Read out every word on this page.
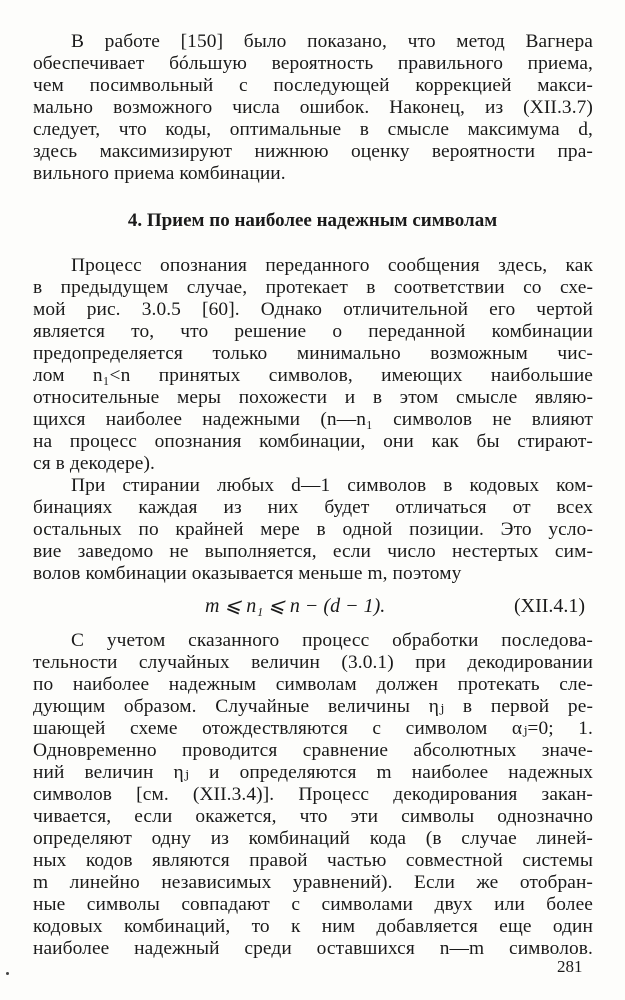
В работе [150] было показано, что метод Вагнера
обеспечивает бóльшую вероятность правильного приема,
чем посимвольный с последующей коррекцией макси-
мально возможного числа ошибок. Наконец, из (XII.3.7)
следует, что коды, оптимальные в смысле максимума d,
здесь максимизируют нижнюю оценку вероятности пра-
вильного приема комбинации.
4. Прием по наиболее надежным символам
Процесс опознания переданного сообщения здесь, как
в предыдущем случае, протекает в соответствии со схе-
мой рис. 3.0.5 [60]. Однако отличительной его чертой
является то, что решение о переданной комбинации
предопределяется только минимально возможным чис-
лом n₁<n принятых символов, имеющих наибольшие
относительные меры похожести и в этом смысле являю-
щихся наиболее надежными (n—n₁ символов не влияют
на процесс опознания комбинации, они как бы стирают-
ся в декодере).
При стирании любых d—1 символов в кодовых ком-
бинациях каждая из них будет отличаться от всех
остальных по крайней мере в одной позиции. Это усло-
вие заведомо не выполняется, если число нестертых сим-
волов комбинации оказывается меньше m, поэтому
m ⩽ n₁ ⩽ n − (d − 1).	(XII.4.1)
С учетом сказанного процесс обработки последова-
тельности случайных величин (3.0.1) при декодировании
по наиболее надежным символам должен протекать сле-
дующим образом. Случайные величины ηⱼ в первой ре-
шающей схеме отождествляются с символом αⱼ=0; 1.
Одновременно проводится сравнение абсолютных значе-
ний величин ηⱼ и определяются m наиболее надежных
символов [см. (XII.3.4)]. Процесс декодирования закан-
чивается, если окажется, что эти символы однозначно
определяют одну из комбинаций кода (в случае линей-
ных кодов являются правой частью совместной системы
m линейно независимых уравнений). Если же отобран-
ные символы совпадают с символами двух или более
кодовых комбинаций, то к ним добавляется еще один
наиболее надежный среди оставшихся n—m символов.
281
